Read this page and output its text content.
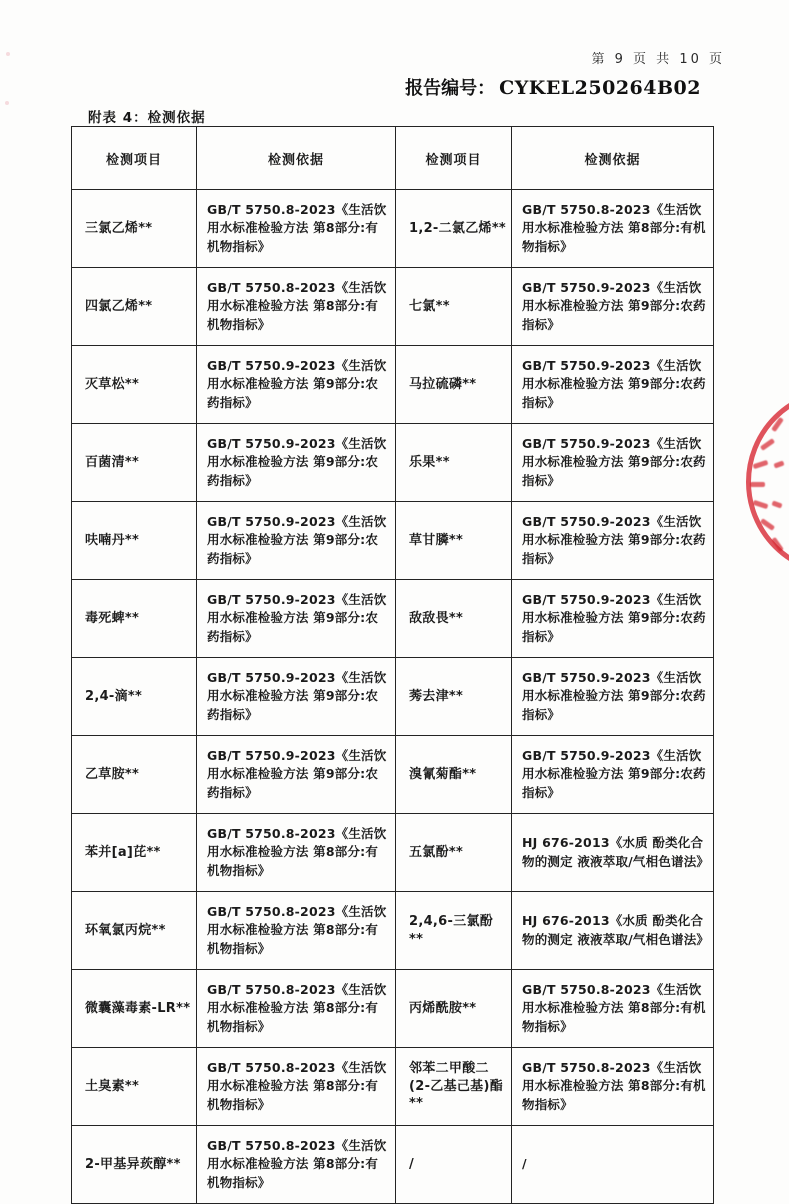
第 9 页 共 10 页
报告编号： CYKEL250264B02
附表 4：检测依据
检测项目	检测依据	检测项目	检测依据
三氯乙烯**	GB/T 5750.8-2023《生活饮用水标准检验方法 第8部分:有机物指标》	1,2-二氯乙烯**	GB/T 5750.8-2023《生活饮用水标准检验方法 第8部分:有机物指标》
四氯乙烯**	GB/T 5750.8-2023《生活饮用水标准检验方法 第8部分:有机物指标》	七氯**	GB/T 5750.9-2023《生活饮用水标准检验方法 第9部分:农药指标》
灭草松**	GB/T 5750.9-2023《生活饮用水标准检验方法 第9部分:农药指标》	马拉硫磷**	GB/T 5750.9-2023《生活饮用水标准检验方法 第9部分:农药指标》
百菌清**	GB/T 5750.9-2023《生活饮用水标准检验方法 第9部分:农药指标》	乐果**	GB/T 5750.9-2023《生活饮用水标准检验方法 第9部分:农药指标》
呋喃丹**	GB/T 5750.9-2023《生活饮用水标准检验方法 第9部分:农药指标》	草甘膦**	GB/T 5750.9-2023《生活饮用水标准检验方法 第9部分:农药指标》
毒死蜱**	GB/T 5750.9-2023《生活饮用水标准检验方法 第9部分:农药指标》	敌敌畏**	GB/T 5750.9-2023《生活饮用水标准检验方法 第9部分:农药指标》
2,4-滴**	GB/T 5750.9-2023《生活饮用水标准检验方法 第9部分:农药指标》	莠去津**	GB/T 5750.9-2023《生活饮用水标准检验方法 第9部分:农药指标》
乙草胺**	GB/T 5750.9-2023《生活饮用水标准检验方法 第9部分:农药指标》	溴氰菊酯**	GB/T 5750.9-2023《生活饮用水标准检验方法 第9部分:农药指标》
苯并[a]芘**	GB/T 5750.8-2023《生活饮用水标准检验方法 第8部分:有机物指标》	五氯酚**	HJ 676-2013《水质 酚类化合物的测定 液液萃取/气相色谱法》
环氧氯丙烷**	GB/T 5750.8-2023《生活饮用水标准检验方法 第8部分:有机物指标》	2,4,6-三氯酚**	HJ 676-2013《水质 酚类化合物的测定 液液萃取/气相色谱法》
微囊藻毒素-LR**	GB/T 5750.8-2023《生活饮用水标准检验方法 第8部分:有机物指标》	丙烯酰胺**	GB/T 5750.8-2023《生活饮用水标准检验方法 第8部分:有机物指标》
土臭素**	GB/T 5750.8-2023《生活饮用水标准检验方法 第8部分:有机物指标》	邻苯二甲酸二(2-乙基己基)酯**	GB/T 5750.8-2023《生活饮用水标准检验方法 第8部分:有机物指标》
2-甲基异莰醇**	GB/T 5750.8-2023《生活饮用水标准检验方法 第8部分:有机物指标》	/	/
